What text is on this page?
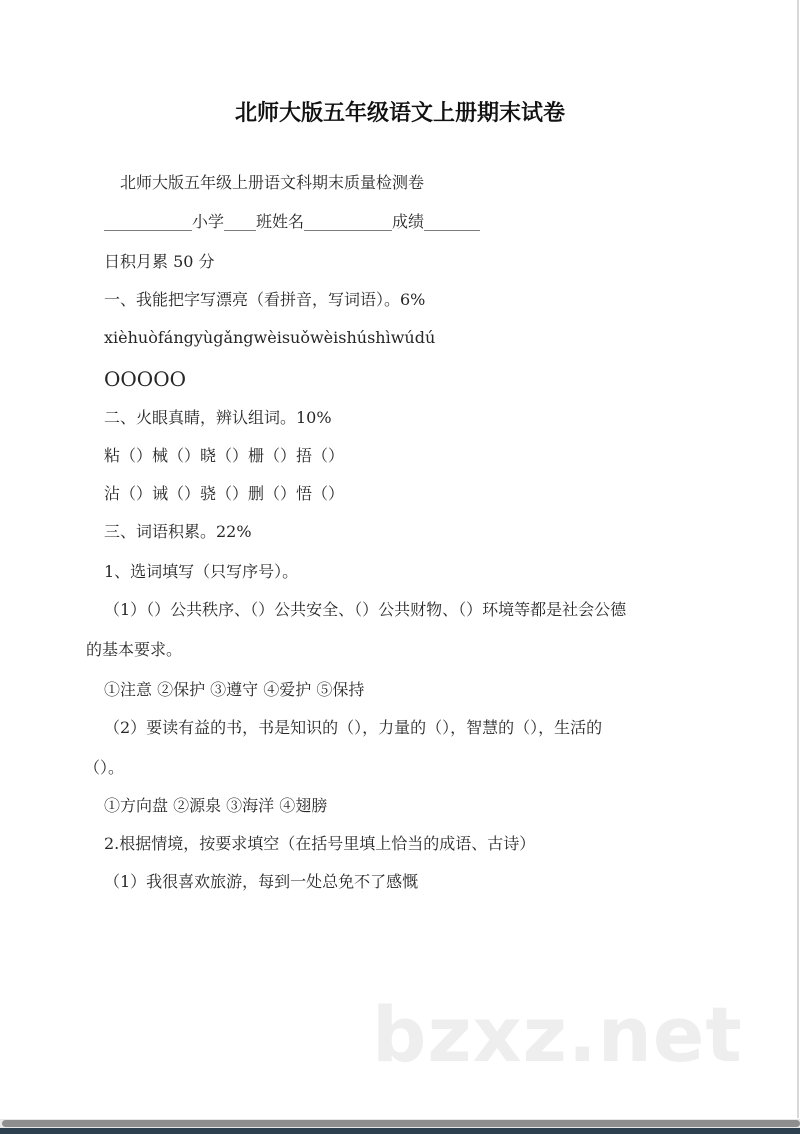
北师大版五年级语文上册期末试卷
北师大版五年级上册语文科期末质量检测卷
___________小学____班姓名___________成绩_______
日积月累 50 分
一、我能把字写漂亮（看拼音，写词语）。6%
xièhuòfángyùgǎngwèisuǒwèishúshìwúdú
OOOOO
二、火眼真睛，辨认组词。10%
粘（）械（）晓（）栅（）捂（）
沾（）诫（）骁（）删（）悟（）
三、词语积累。22%
1、选词填写（只写序号）。
（1）（）公共秩序、（）公共安全、（）公共财物、（）环境等都是社会公德
的基本要求。
①注意 ②保护 ③遵守 ④爱护 ⑤保持
（2）要读有益的书，书是知识的（），力量的（），智慧的（），生活的
（）。
①方向盘 ②源泉 ③海洋 ④翅膀
2.根据情境，按要求填空（在括号里填上恰当的成语、古诗）
（1）我很喜欢旅游，每到一处总免不了感慨
bzxz.net
